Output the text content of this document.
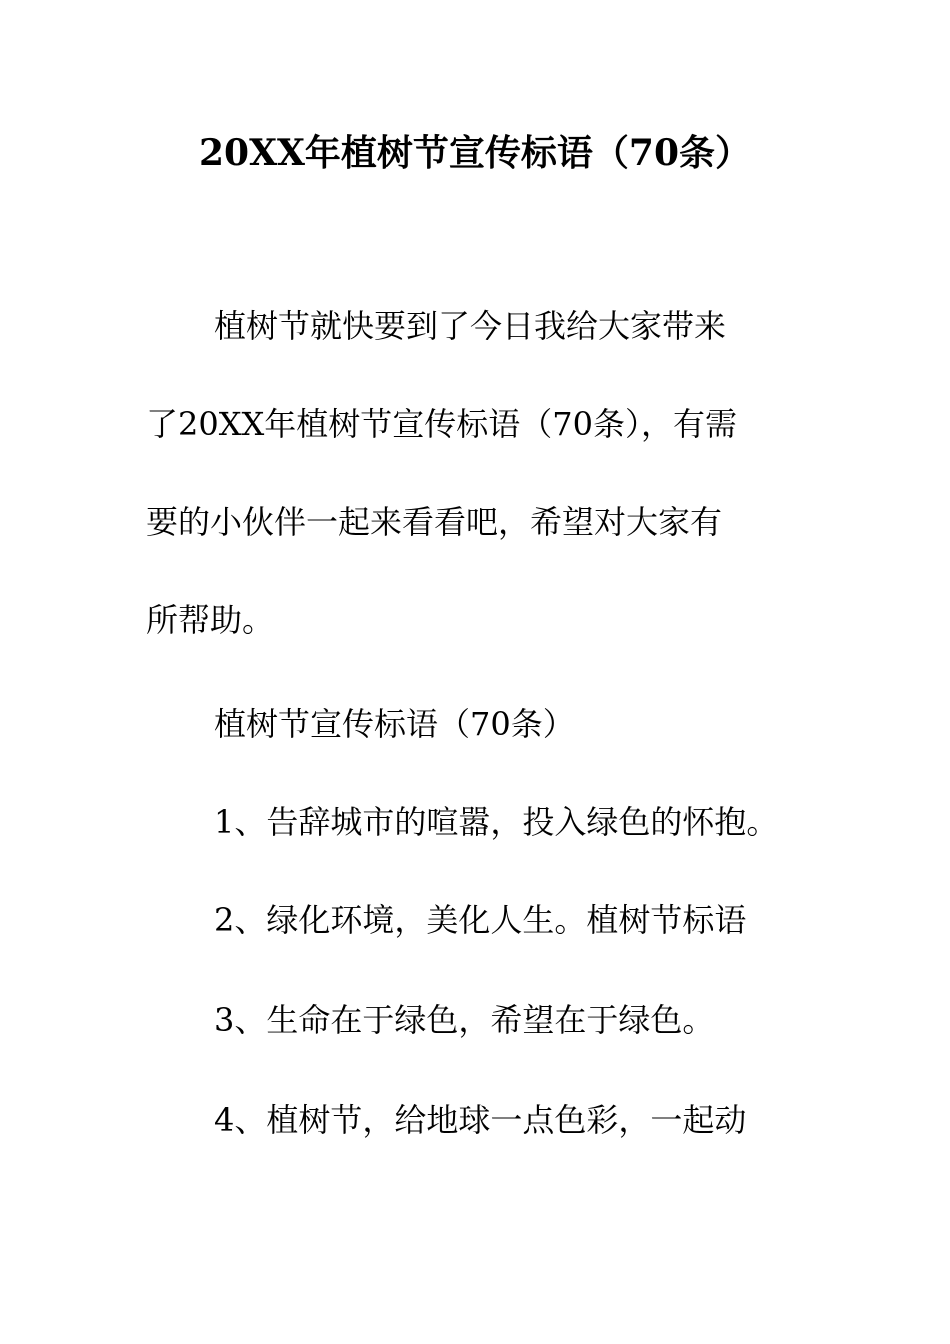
20XX年植树节宣传标语（70条）
植树节就快要到了今日我给大家带来
了20XX年植树节宣传标语（70条），有需
要的小伙伴一起来看看吧，希望对大家有
所帮助。
植树节宣传标语（70条）
1、告辞城市的喧嚣，投入绿色的怀抱。
2、绿化环境，美化人生。植树节标语
3、生命在于绿色，希望在于绿色。
4、植树节，给地球一点色彩，一起动
